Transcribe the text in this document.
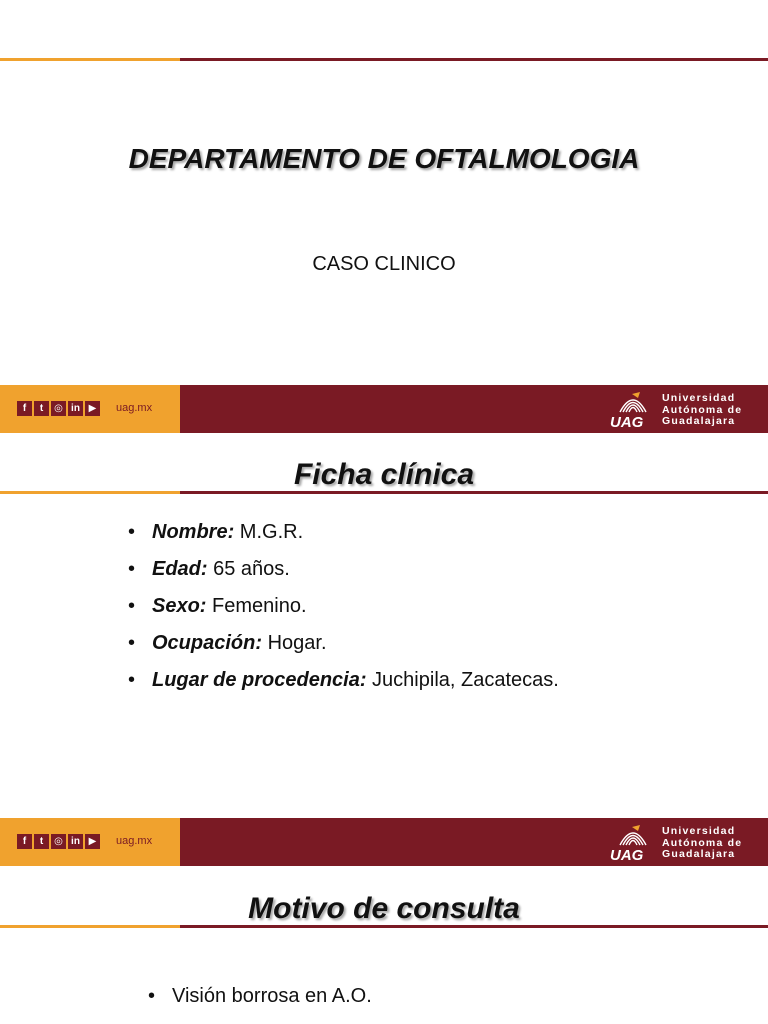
DEPARTAMENTO DE OFTALMOLOGIA
CASO CLINICO
f	t	◎ in ▶	uag.mx
UAG
Universidad
Autónoma de
Guadalajara
Ficha clínica
• Nombre: M.G.R.
• Edad: 65 años.
• Sexo: Femenino.
• Ocupación: Hogar.
• Lugar de procedencia: Juchipila, Zacatecas.
f	t	◎ in ▶	uag.mx
UAG
Universidad
Autónoma de
Guadalajara
Motivo de consulta
• Visión borrosa en A.O.
